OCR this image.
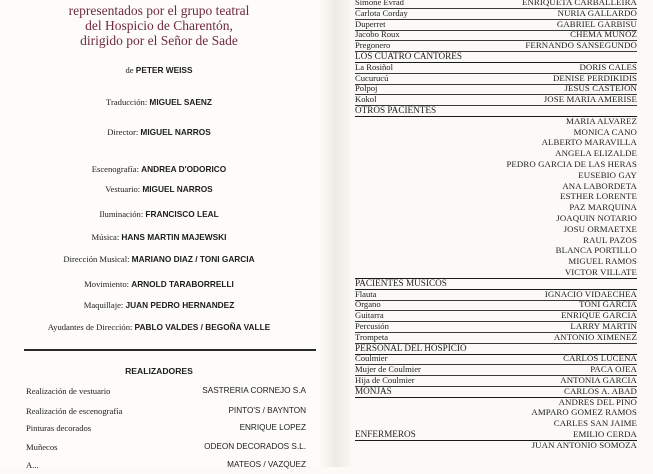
representados por el grupo teatral
del Hospicio de Charentón,
dirigido por el Señor de Sade
de PETER WEISS
Traducción: MIGUEL SAENZ
Director: MIGUEL NARROS
Escenografía: ANDREA D'ODORICO
Vestuario: MIGUEL NARROS
Iluminación: FRANCISCO LEAL
Música: HANS MARTIN MAJEWSKI
Dirección Musical: MARIANO DIAZ / TONI GARCIA
Movimiento: ARNOLD TARABORRELLI
Maquillaje: JUAN PEDRO HERNANDEZ
Ayudantes de Dirección: PABLO VALDES / BEGOÑA VALLE
REALIZADORES
Realización de vestuario	SASTRERIA CORNEJO S.A
Realización de escenografía	PINTO'S / BAYNTON
Pinturas decorados	ENRIQUE LOPEZ
Muñecos	ODEON DECORADOS S.L.
A...	MATEOS / VAZQUEZ
Simone Evrad	ENRIQUETA CARBALLEIRA
Carlota Corday	NURIA GALLARDO
Duperret	GABRIEL GARBISU
Jacobo Roux	CHEMA MUÑOZ
Pregonero	FERNANDO SANSEGUNDO
LOS CUATRO CANTORES
La Rosiñol	DORIS CALES
Cucurucú	DENISE PERDIKIDIS
Polpoj	JESUS CASTEJON
Kokol	JOSE MARIA AMERISE
OTROS PACIENTES
MARIA ALVAREZ
MONICA CANO
ALBERTO MARAVILLA
ANGELA ELIZALDE
PEDRO GARCIA DE LAS HERAS
EUSEBIO GAY
ANA LABORDETA
ESTHER LORENTE
PAZ MARQUINA
JOAQUIN NOTARIO
JOSU ORMAETXE
RAUL PAZOS
BLANCA PORTILLO
MIGUEL RAMOS
VICTOR VILLATE
PACIENTES MUSICOS
Flauta	IGNACIO VIDAECHEA
Organo	TONI GARCIA
Guitarra	ENRIQUE GARCIA
Percusión	LARRY MARTIN
Trompeta	ANTONIO XIMENEZ
PERSONAL DEL HOSPICIO
Coulmier	CARLOS LUCENA
Mujer de Coulmier	PACA OJEA
Hija de Coulmier	ANTONIA GARCIA
MONJAS	CARLOS A. ABAD
ANDRES DEL PINO
AMPARO GOMEZ RAMOS
CARLES SAN JAIME
ENFERMEROS	EMILIO CERDA
JUAN ANTONIO SOMOZA
